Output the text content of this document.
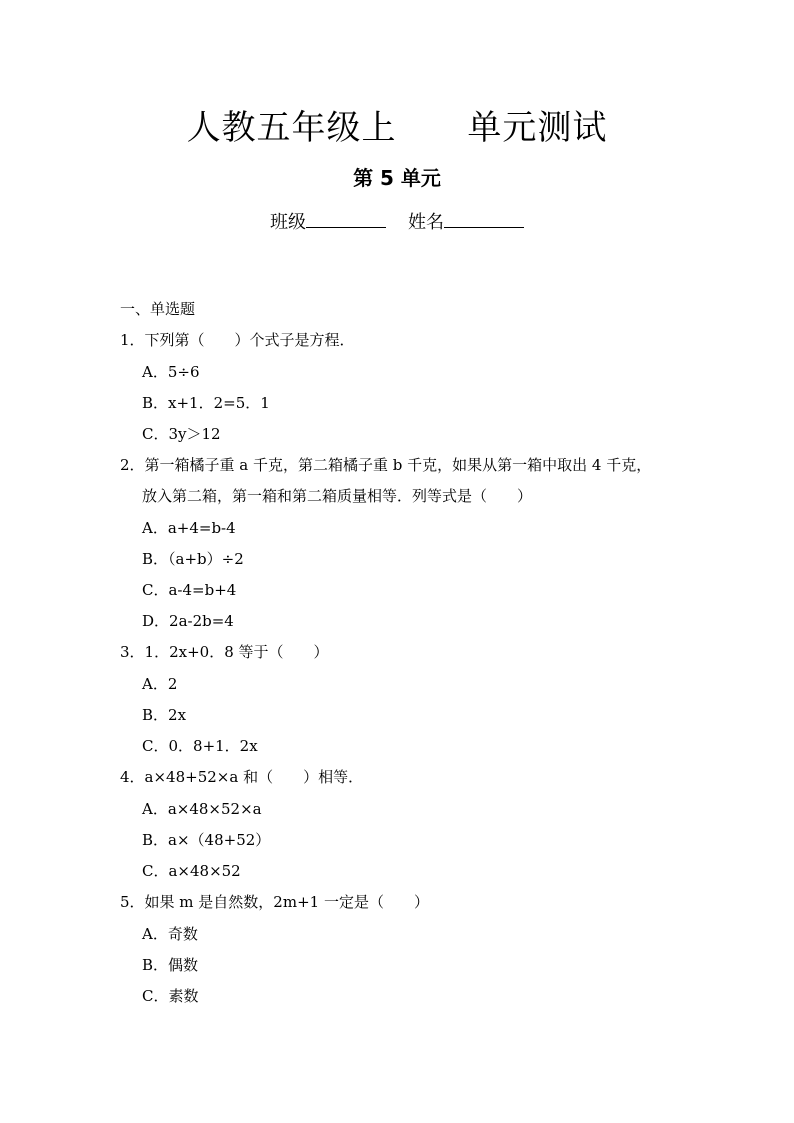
人教五年级上      单元测试
第 5 单元
班级	姓名
一、单选题
1．下列第（　　）个式子是方程．
A．5÷6
B．x+1．2=5．1
C．3y＞12
2．第一箱橘子重 a 千克，第二箱橘子重 b 千克，如果从第一箱中取出 4 千克，
放入第二箱，第一箱和第二箱质量相等．列等式是（　　）
A．a+4=b-4
B．（a+b）÷2
C．a-4=b+4
D．2a-2b=4
3．1．2x+0．8 等于（　　）
A．2
B．2x
C．0．8+1．2x
4．a×48+52×a 和（　　）相等．
A．a×48×52×a
B．a×（48+52）
C．a×48×52
5．如果 m 是自然数，2m+1 一定是（　　）
A．奇数
B．偶数
C．素数
